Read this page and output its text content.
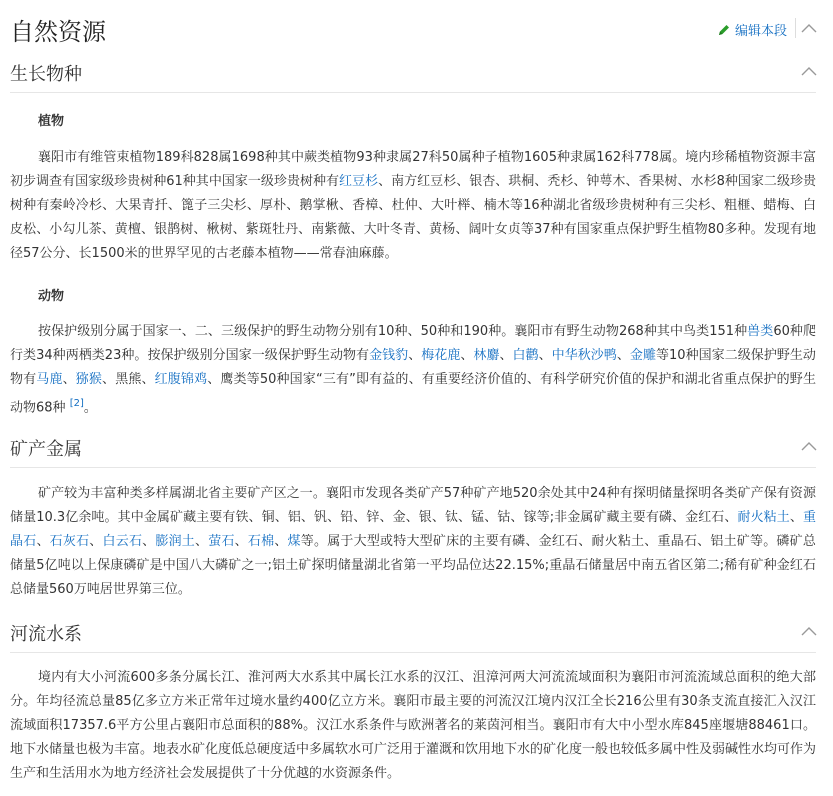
自然资源	编辑本段
生长物种
植物

襄阳市有维管束植物189科828属1698种其中蕨类植物93种隶属27科50属种子植物1605种隶属162科778属。境内珍稀植物资源丰富初步调查有国家级珍贵树种61种其中国家一级珍贵树种有红豆杉、南方红豆杉、银杏、珙桐、秃杉、钟萼木、香果树、水杉8种国家二级珍贵树种有秦岭冷杉、大果青扦、篦子三尖杉、厚朴、鹅掌楸、香樟、杜仲、大叶榉、楠木等16种湖北省级珍贵树种有三尖杉、粗榧、蜡梅、白皮松、小勾儿茶、黄檀、银鹊树、楸树、紫斑牡丹、南紫薇、大叶冬青、黄杨、阔叶女贞等37种有国家重点保护野生植物80多种。发现有地径57公分、长1500米的世界罕见的古老藤本植物——常春油麻藤。

动物

按保护级别分属于国家一、二、三级保护的野生动物分别有10种、50种和190种。襄阳市有野生动物268种其中鸟类151种兽类60种爬行类34种两栖类23种。按保护级别分国家一级保护野生动物有金钱豹、梅花鹿、林麝、白鹳、中华秋沙鸭、金雕等10种国家二级保护野生动物有马鹿、猕猴、黑熊、红腹锦鸡、鹰类等50种国家“三有”即有益的、有重要经济价值的、有科学研究价值的保护和湖北省重点保护的野生动物68种 [2]。

矿产金属

矿产较为丰富种类多样属湖北省主要矿产区之一。襄阳市发现各类矿产57种矿产地520余处其中24种有探明储量探明各类矿产保有资源储量10.3亿余吨。其中金属矿藏主要有铁、铜、铝、钒、铅、锌、金、银、钛、锰、钴、镓等;非金属矿藏主要有磷、金红石、耐火粘土、重晶石、石灰石、白云石、膨润土、萤石、石棉、煤等。属于大型或特大型矿床的主要有磷、金红石、耐火粘土、重晶石、铝土矿等。磷矿总储量5亿吨以上保康磷矿是中国八大磷矿之一;铝土矿探明储量湖北省第一平均品位达22.15%;重晶石储量居中南五省区第二;稀有矿种金红石总储量560万吨居世界第三位。

河流水系

境内有大小河流600多条分属长江、淮河两大水系其中属长江水系的汉江、沮漳河两大河流流域面积为襄阳市河流流域总面积的绝大部分。年均径流总量85亿多立方米正常年过境水量约400亿立方米。襄阳市最主要的河流汉江境内汉江全长216公里有30条支流直接汇入汉江流域面积17357.6平方公里占襄阳市总面积的88%。汉江水系条件与欧洲著名的莱茵河相当。襄阳市有大中小型水库845座堰塘88461口。地下水储量也极为丰富。地表水矿化度低总硬度适中多属软水可广泛用于灌溉和饮用地下水的矿化度一般也较低多属中性及弱碱性水均可作为生产和生活用水为地方经济社会发展提供了十分优越的水资源条件。
